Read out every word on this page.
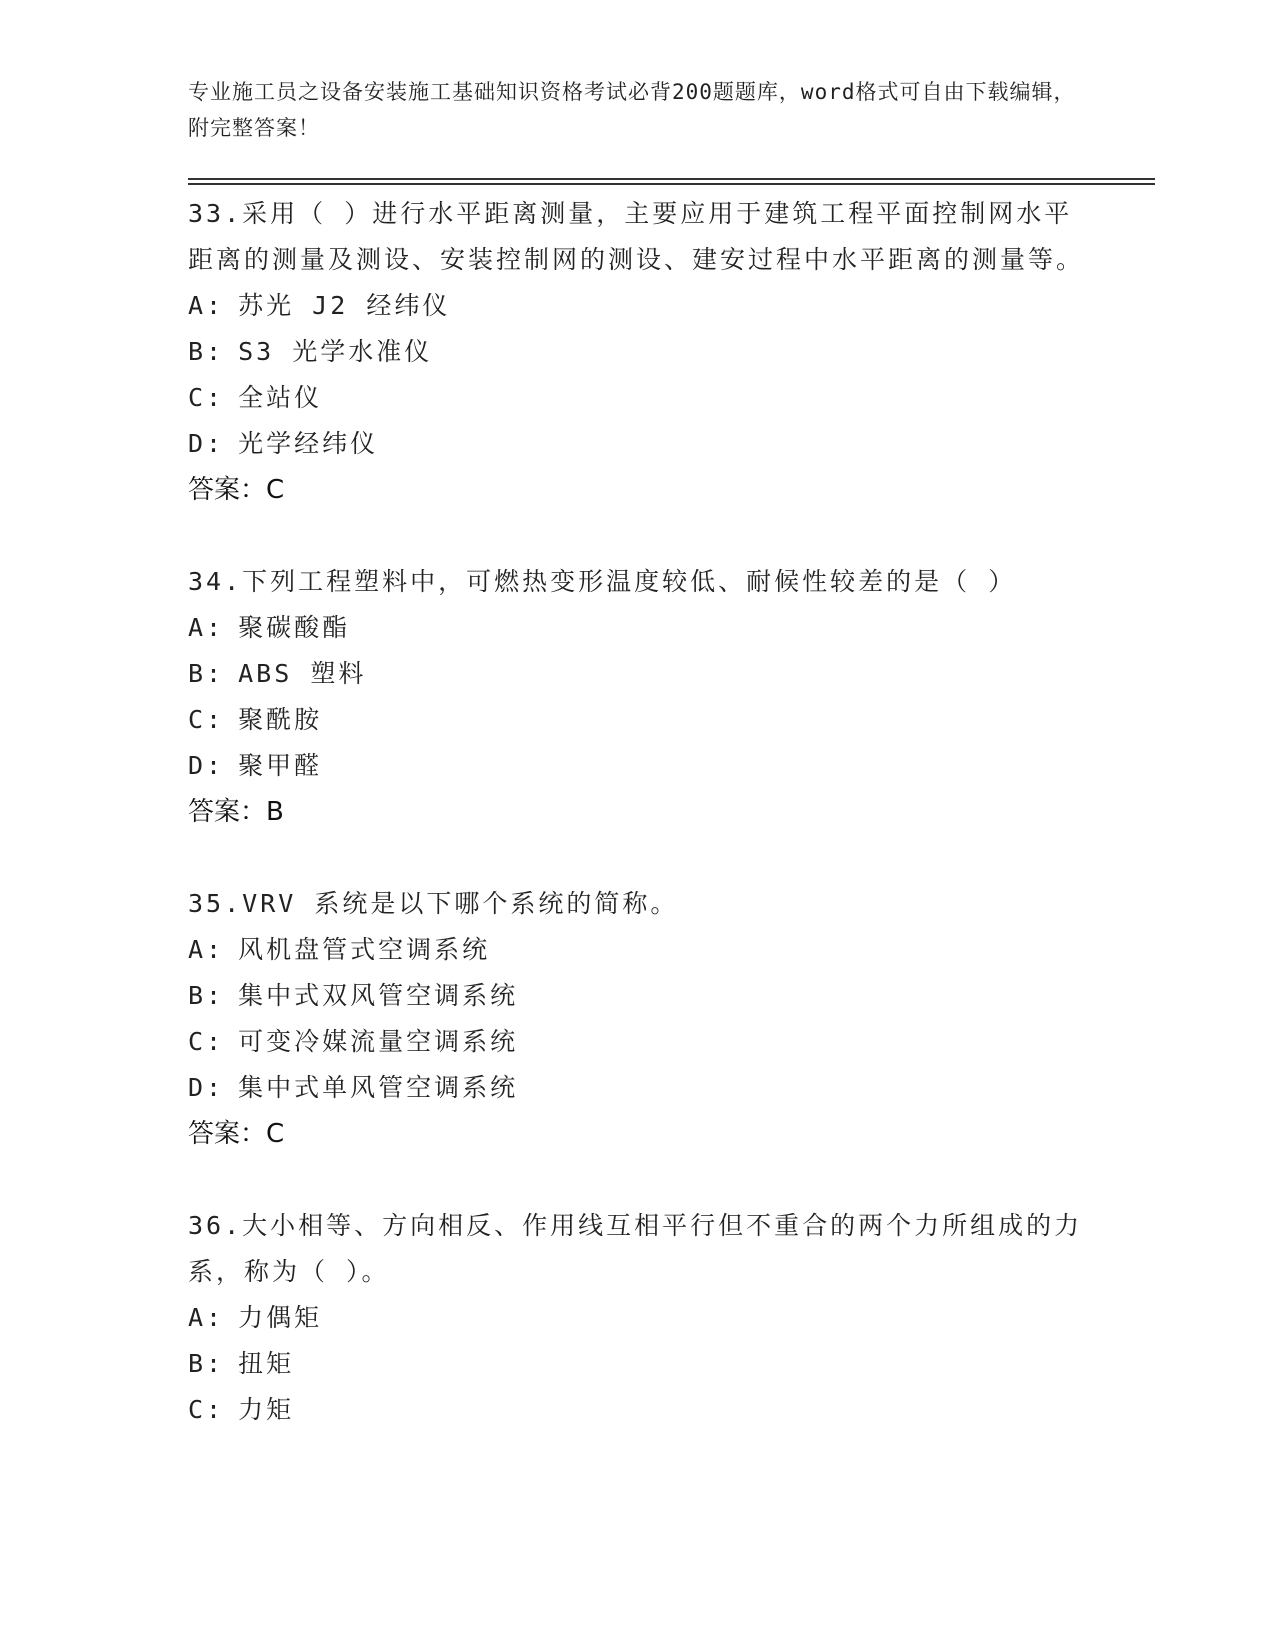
专业施工员之设备安装施工基础知识资格考试必背200题题库，word格式可自由下载编辑，附完整答案！

33.采用（ ）进行水平距离测量，主要应用于建筑工程平面控制网水平距离的测量及测设、安装控制网的测设、建安过程中水平距离的测量等。

A: 苏光 J2 经纬仪

B: S3 光学水准仪

C: 全站仪

D: 光学经纬仪

答案：C

34.下列工程塑料中，可燃热变形温度较低、耐候性较差的是（ ）

A: 聚碳酸酯

B: ABS 塑料

C: 聚酰胺

D: 聚甲醛

答案：B

35.VRV 系统是以下哪个系统的简称。

A: 风机盘管式空调系统

B: 集中式双风管空调系统

C: 可变冷媒流量空调系统

D: 集中式单风管空调系统

答案：C

36.大小相等、方向相反、作用线互相平行但不重合的两个力所组成的力系，称为（ ）。

A: 力偶矩

B: 扭矩

C: 力矩
